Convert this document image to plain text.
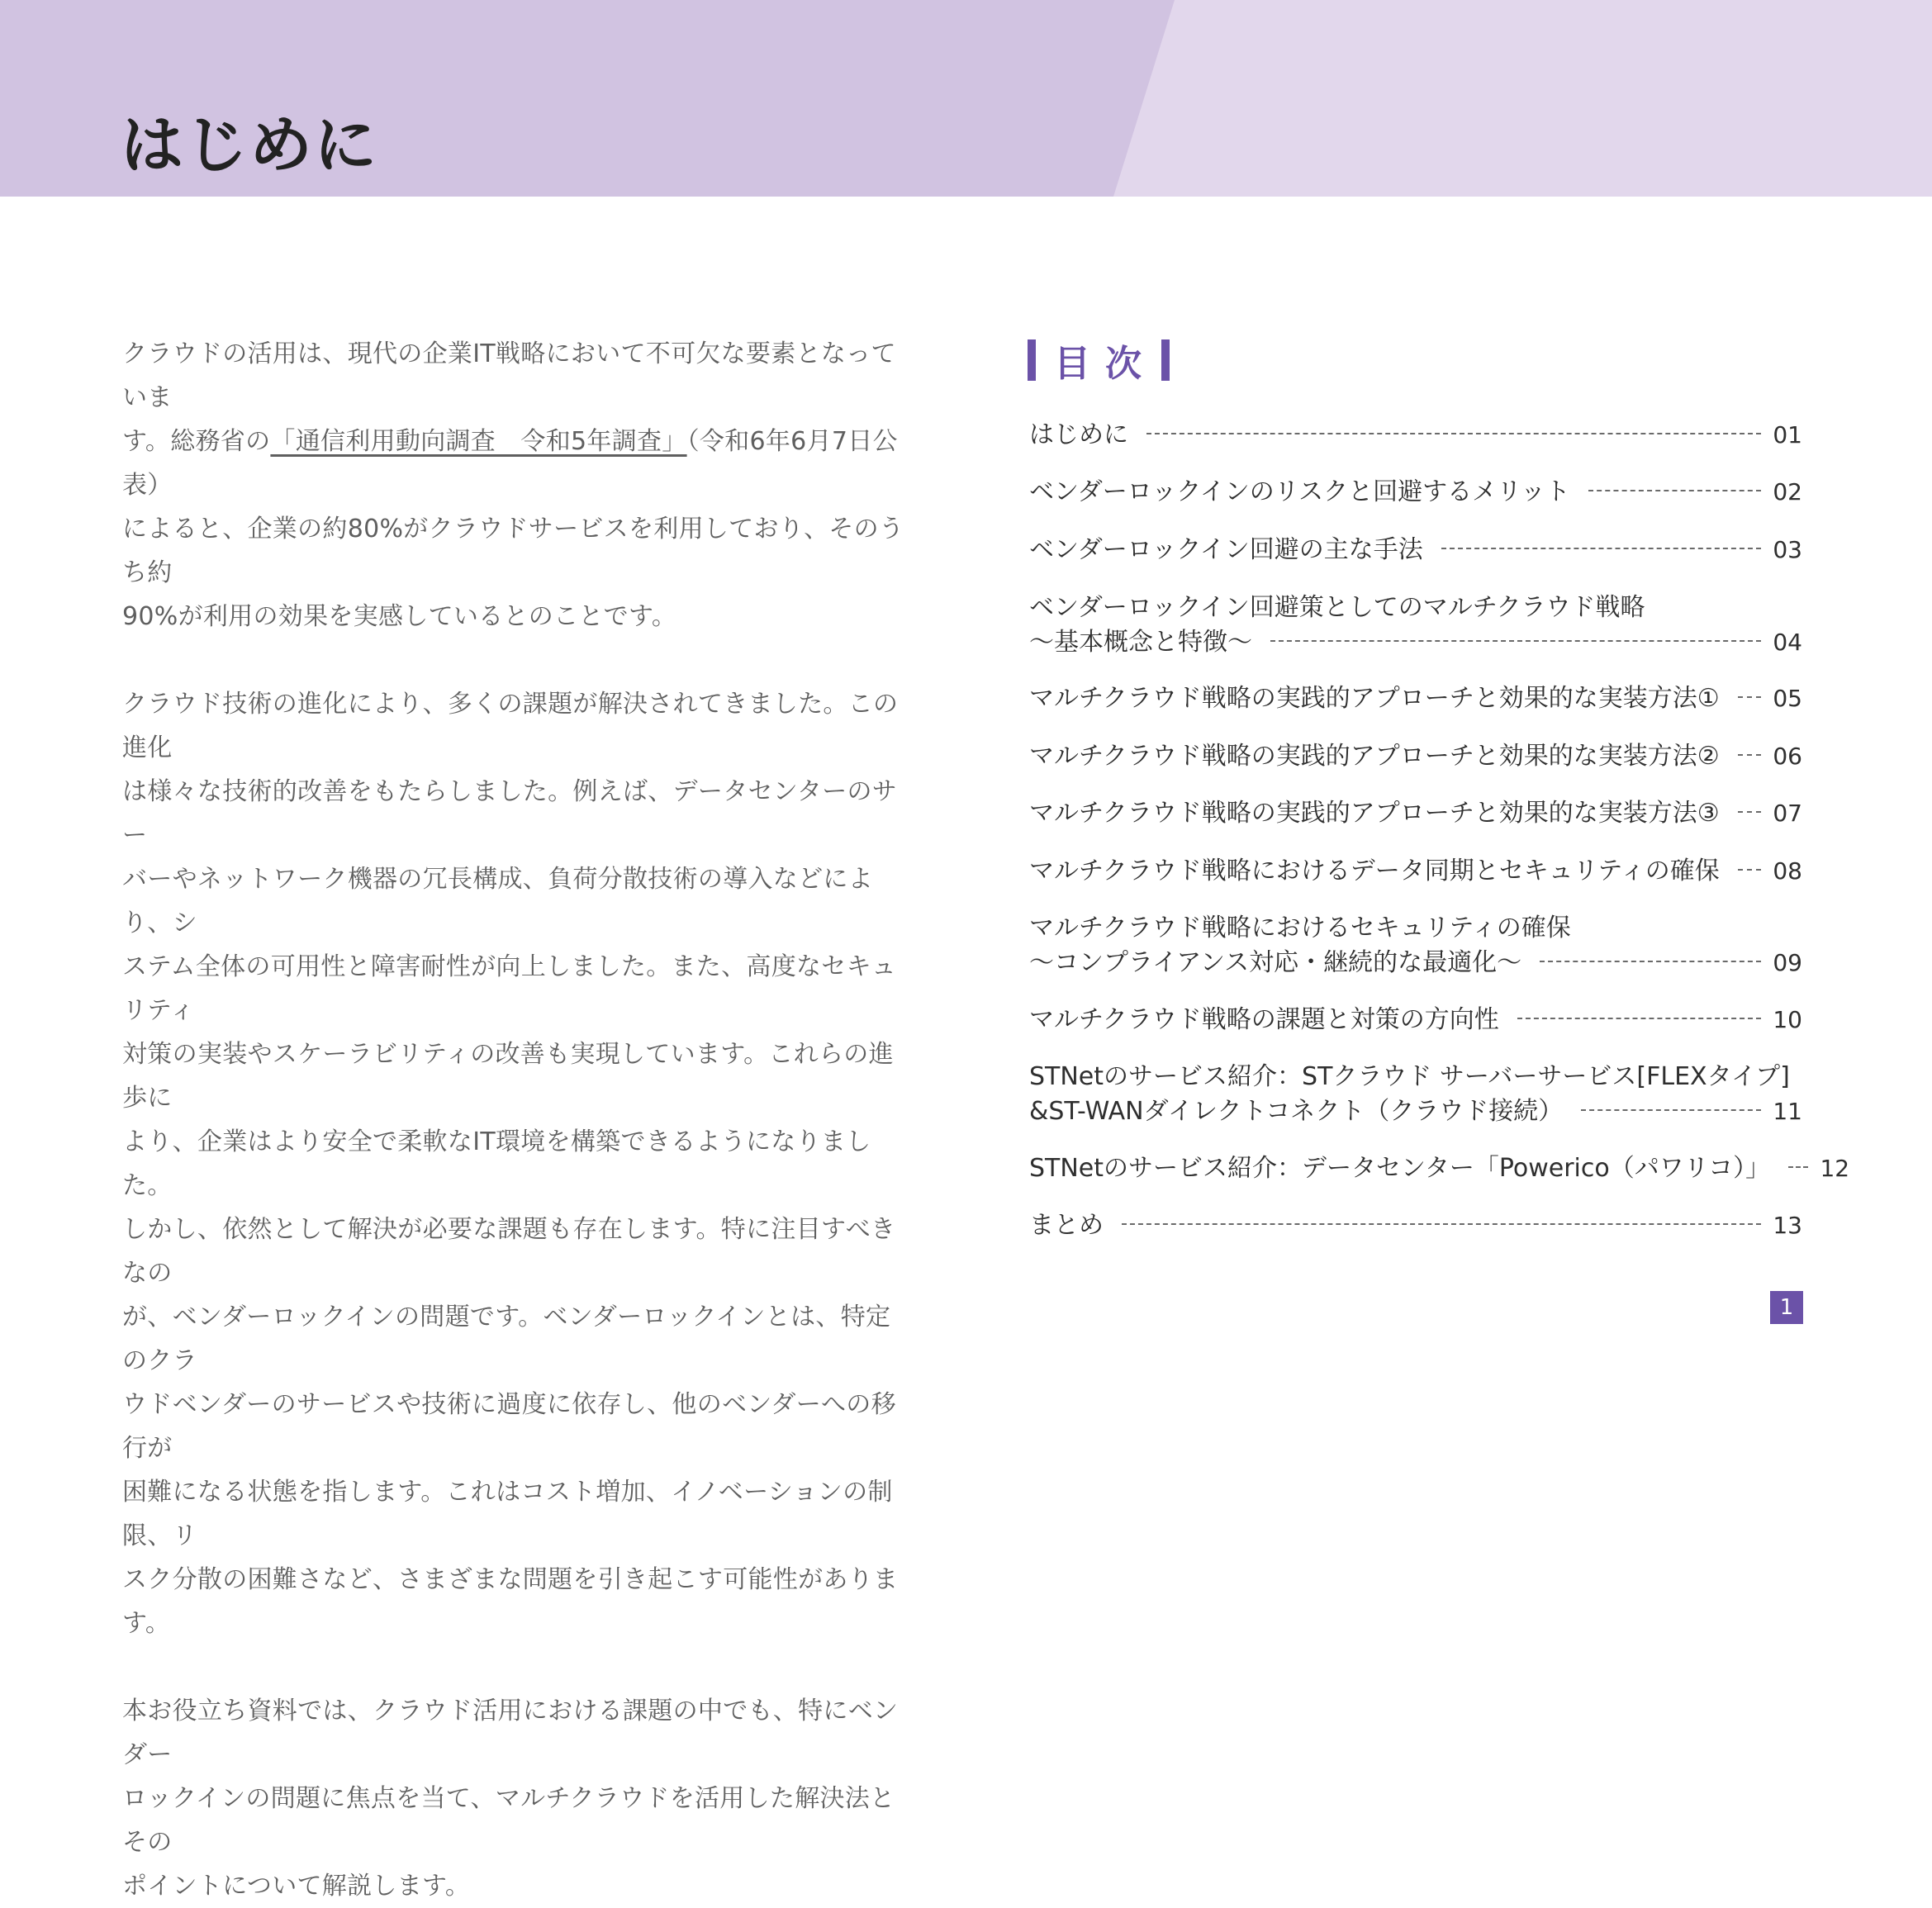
はじめに

クラウドの活用は、現代の企業IT戦略において不可欠な要素となっていま

す。総務省の「通信利用動向調査　令和5年調査」（令和6年6月7日公表）

によると、企業の約80%がクラウドサービスを利用しており、そのうち約

90%が利用の効果を実感しているとのことです。

クラウド技術の進化により、多くの課題が解決されてきました。この進化

は様々な技術的改善をもたらしました。例えば、データセンターのサー

バーやネットワーク機器の冗長構成、負荷分散技術の導入などにより、シ

ステム全体の可用性と障害耐性が向上しました。また、高度なセキュリティ

対策の実装やスケーラビリティの改善も実現しています。これらの進歩に

より、企業はより安全で柔軟なIT環境を構築できるようになりました。

しかし、依然として解決が必要な課題も存在します。特に注目すべきなの

が、ベンダーロックインの問題です。ベンダーロックインとは、特定のクラ

ウドベンダーのサービスや技術に過度に依存し、他のベンダーへの移行が

困難になる状態を指します。これはコスト増加、イノベーションの制限、リ

スク分散の困難さなど、さまざまな問題を引き起こす可能性があります。

本お役立ち資料では、クラウド活用における課題の中でも、特にベンダー

ロックインの問題に焦点を当て、マルチクラウドを活用した解決法とその

ポイントについて解説します。

目次
はじめに	01
ベンダーロックインのリスクと回避するメリット	02
ベンダーロックイン回避の主な手法	03
ベンダーロックイン回避策としてのマルチクラウド戦略
～基本概念と特徴～	04
マルチクラウド戦略の実践的アプローチと効果的な実装方法① 05
マルチクラウド戦略の実践的アプローチと効果的な実装方法② 06
マルチクラウド戦略の実践的アプローチと効果的な実装方法③ 07
マルチクラウド戦略におけるデータ同期とセキュリティの確保 08
マルチクラウド戦略におけるセキュリティの確保
～コンプライアンス対応・継続的な最適化～	09
マルチクラウド戦略の課題と対策の方向性	10
STNetのサービス紹介：STクラウド サーバーサービス[FLEXタイプ]
&ST-WANダイレクトコネクト（クラウド接続）	11
STNetのサービス紹介：データセンター「Powerico（パワリコ）」 12
まとめ	13
1
